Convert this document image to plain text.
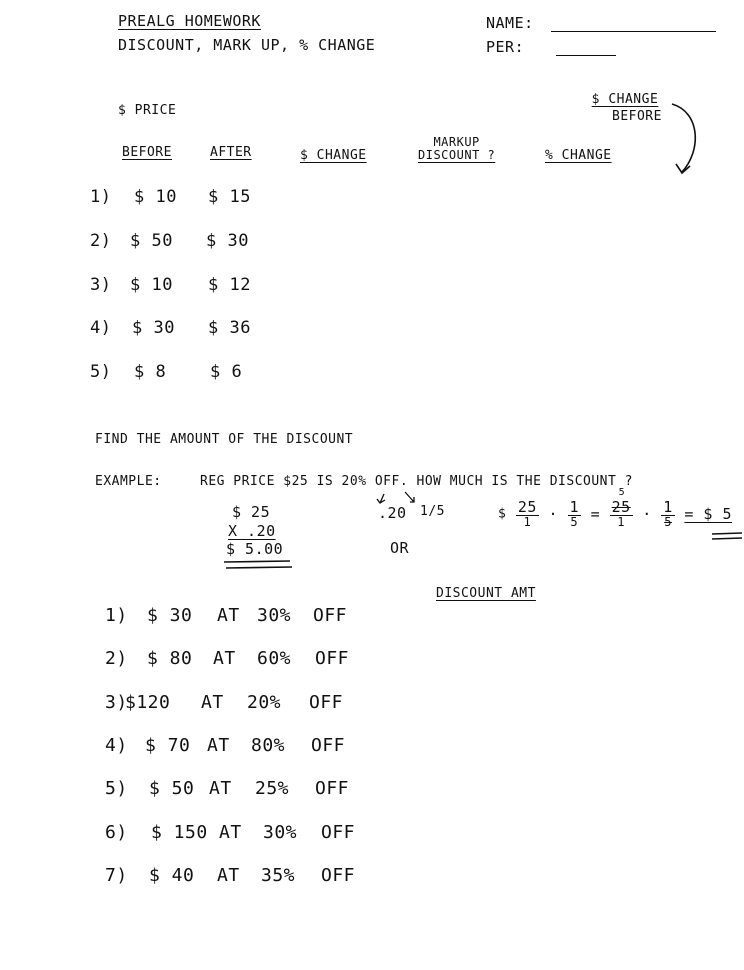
PREALG HOMEWORK
DISCOUNT, MARK UP, % CHANGE
NAME:
PER:
$ PRICE
$ CHANGE
BEFORE
BEFORE	AFTER	$ CHANGE
MARKUP
DISCOUNT ?	% CHANGE
1) $ 10 $ 15
2) $ 50 $ 30
3) $ 10 $ 12
4) $ 30 $ 36
5) $ 8	$ 6
FIND THE AMOUNT OF THE DISCOUNT
EXAMPLE:	REG PRICE $25 IS 20% OFF. HOW MUCH IS THE DISCOUNT ?
$ 25
X .20
$ 5.00
.20 1/5
OR
$ $\frac{25}{1} \cdot \frac{1}{5}$ =
5
25
1	· $\frac{1}{5}$ = $ 5
DISCOUNT AMT
1) $ 30 AT 30% OFF
2) $ 80 AT 60% OFF
3)
$120 AT 20% OFF
4) $ 70 AT 80% OFF
5) $ 50 AT 25% OFF
6) $ 150 AT 30% OFF
7) $ 40 AT 35% OFF
